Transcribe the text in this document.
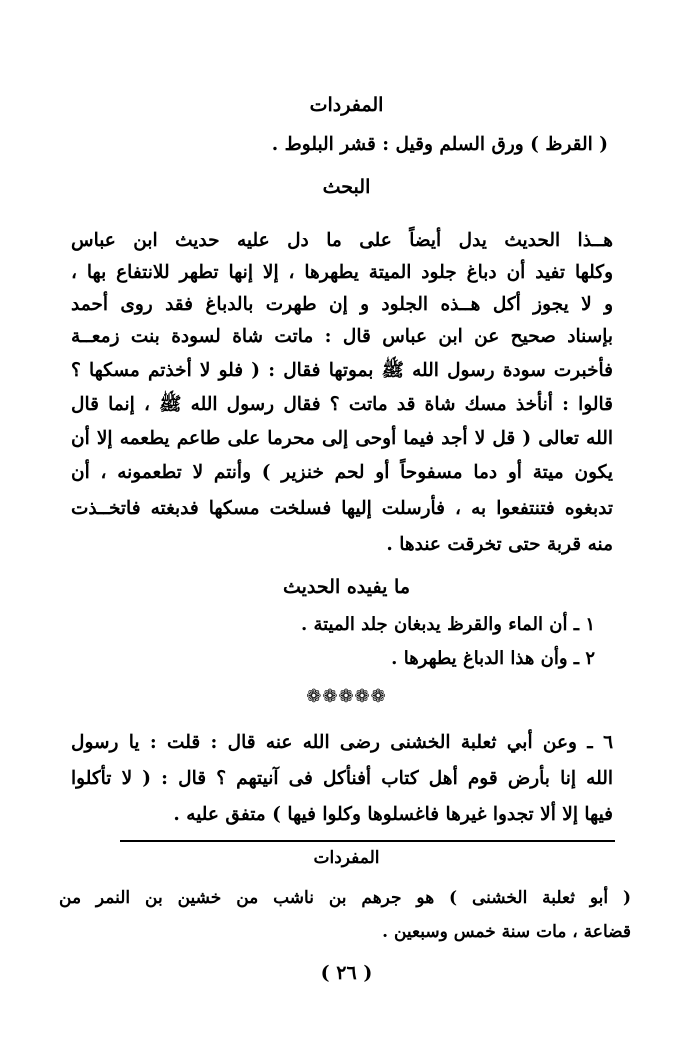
المفردات
( القرظ ) ورق السلم وقيل : قشر البلوط .
البحث
هــذا الحديث يدل أيضاً على ما دل عليه حديث ابن عباس
وكلها تفيد أن دباغ جلود الميتة يطهرها ، إلا إنها تطهر للانتفاع بها ،
و لا يجوز أكل هــذه الجلود و إن طهرت بالدباغ فقد روى أحمد
بإسناد صحيح عن ابن عباس قال : ماتت شاة لسودة بنت زمعــة
فأخبرت سودة رسول الله ﷺ بموتها فقال : ( فلو لا أخذتم مسكها ؟
قالوا : أنأخذ مسك شاة قد ماتت ؟ فقال رسول الله ﷺ ، إنما قال
الله تعالى ( قل لا أجد فيما أوحى إلى محرما على طاعم يطعمه إلا أن
يكون ميتة أو دما مسفوحاً أو لحم خنزير ) وأنتم لا تطعمونه ، أن
تدبغوه فتنتفعوا به ، فأرسلت إليها فسلخت مسكها فدبغته فاتخــذت
منه قربة حتى تخرقت عندها .
ما يفيده الحديث
١ ـ أن الماء والقرظ يدبغان جلد الميتة .
٢ ـ وأن هذا الدباغ يطهرها .
❁❁❁❁❁
٦ ـ وعن أبي ثعلبة الخشنى رضى الله عنه قال : قلت : يا رسول
الله إنا بأرض قوم أهل كتاب أفنأكل فى آنيتهم ؟ قال : ( لا تأكلوا
فيها إلا ألا تجدوا غيرها فاغسلوها وكلوا فيها ) متفق عليه .
المفردات
( أبو ثعلبة الخشنى ) هو جرهم بن ناشب من خشين بن النمر من
قضاعة ، مات سنة خمس وسبعين .
( ٢٦ )
